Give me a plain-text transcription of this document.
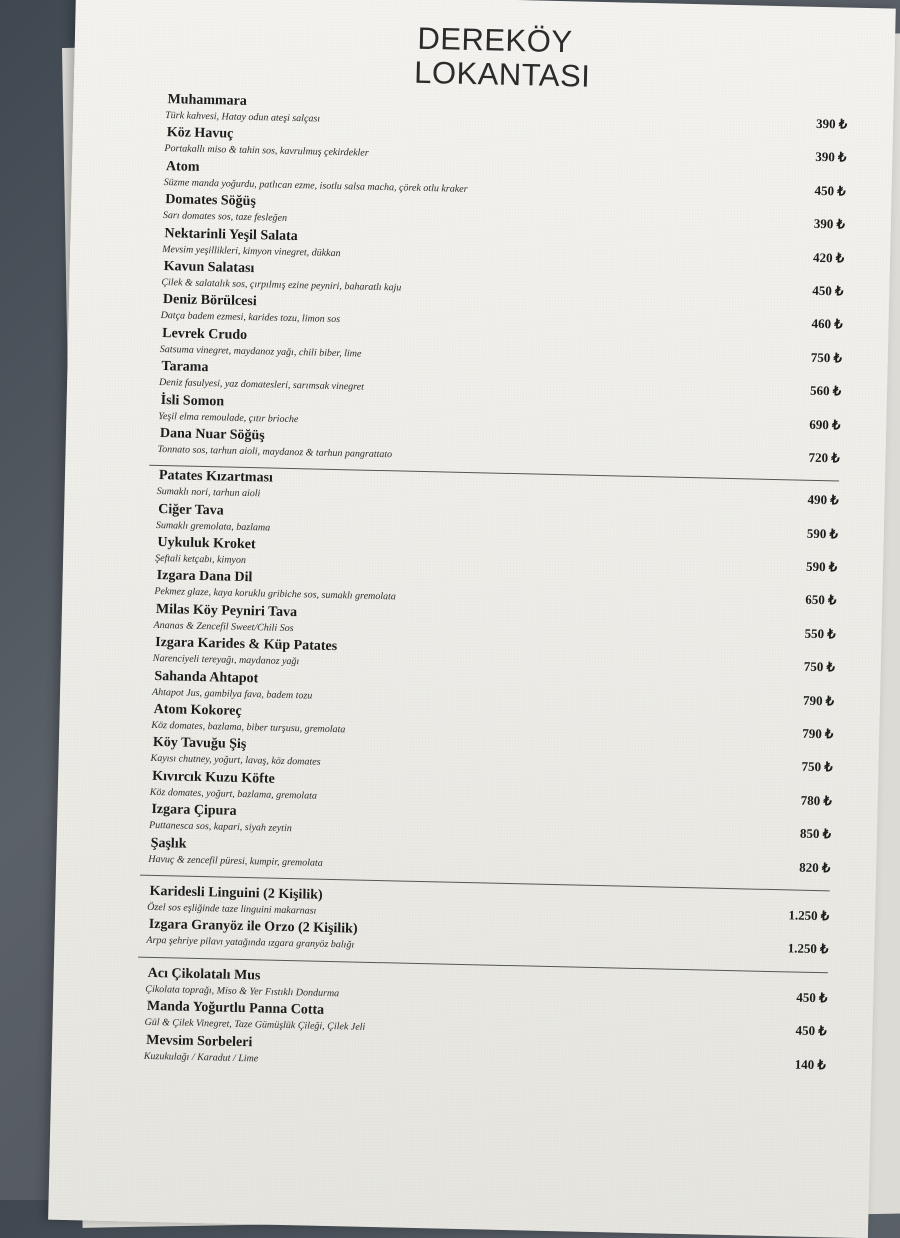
DEREKÖY
LOKANTASI
Muhammara
Türk kahvesi, Hatay odun ateşi salçası	390 ₺
Köz Havuç
Portakallı miso & tahin sos, kavrulmuş çekirdekler	390 ₺
Atom
Süzme manda yoğurdu, patlıcan ezme, isotlu salsa macha, çörek otlu kraker	450 ₺
Domates Söğüş
Sarı domates sos, taze fesleğen	390 ₺
Nektarinli Yeşil Salata
Mevsim yeşillikleri, kimyon vinegret, dükkan	420 ₺
Kavun Salatası
Çilek & salatalık sos, çırpılmış ezine peyniri, baharatlı kaju	450 ₺
Deniz Börülcesi
Datça badem ezmesi, karides tozu, limon sos	460 ₺
Levrek Crudo
Satsuma vinegret, maydanoz yağı, chili biber, lime	750 ₺
Tarama
Deniz fasulyesi, yaz domatesleri, sarımsak vinegret	560 ₺
İsli Somon
Yeşil elma remoulade, çıtır brioche	690 ₺
Dana Nuar Söğüş
Tonnato sos, tarhun aioli, maydanoz & tarhun pangrattato	720 ₺
Patates Kızartması
Sumaklı nori, tarhun aioli	490 ₺
Ciğer Tava
Sumaklı gremolata, bazlama	590 ₺
Uykuluk Kroket
Şeftali ketçabı, kimyon	590 ₺
Izgara Dana Dil
Pekmez glaze, kaya koruklu gribiche sos, sumaklı gremolata	650 ₺
Milas Köy Peyniri Tava
Ananas & Zencefil Sweet/Chili Sos	550 ₺
Izgara Karides & Küp Patates
Narenciyeli tereyağı, maydanoz yağı	750 ₺
Sahanda Ahtapot
Ahtapot Jus, gambilya fava, badem tozu	790 ₺
Atom Kokoreç
Köz domates, bazlama, biber turşusu, gremolata	790 ₺
Köy Tavuğu Şiş
Kayısı chutney, yoğurt, lavaş, köz domates	750 ₺
Kıvırcık Kuzu Köfte
Köz domates, yoğurt, bazlama, gremolata	780 ₺
Izgara Çipura
Puttanesca sos, kapari, siyah zeytin	850 ₺
Şaşlık
Havuç & zencefil püresi, kumpir, gremolata	820 ₺
Karidesli Linguini (2 Kişilik)
Özel sos eşliğinde taze linguini makarnası	1.250 ₺
Izgara Granyöz ile Orzo (2 Kişilik)
Arpa şehriye pilavı yatağında ızgara granyöz balığı	1.250 ₺
Acı Çikolatalı Mus
Çikolata toprağı, Miso & Yer Fıstıklı Dondurma	450 ₺
Manda Yoğurtlu Panna Cotta
Gül & Çilek Vinegret, Taze Gümüşlük Çileği, Çilek Jeli	450 ₺
Mevsim Sorbeleri
Kuzukulağı / Karadut / Lime	140 ₺
